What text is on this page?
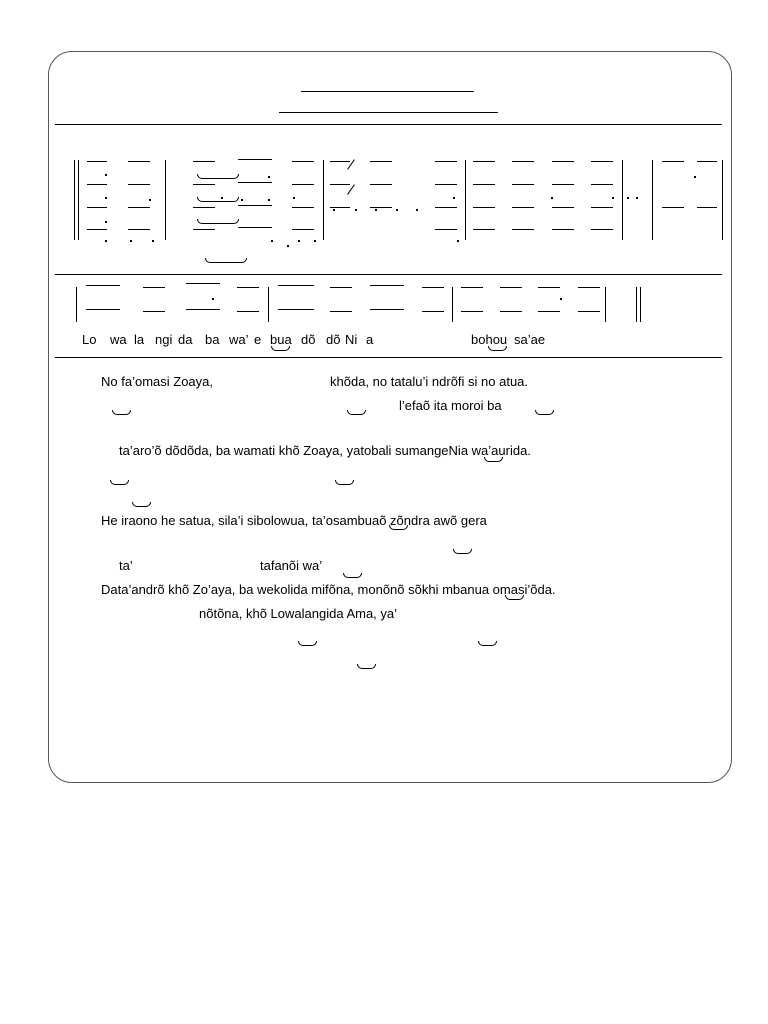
Lo wa la ngi da ba wa’ e bua dõ dõ Ni a	bohou sa’ae
No fa’omasi Zoaya,	khõda, no tatalu’i ndrõfi si no atua.
l’efaõ ita moroi ba
ta’aro’õ dõdõda, ba wamati khõ Zoaya, yatobali sumangeNia wa’aurida.
He iraono he satua, sila’i sibolowua, ta’osambuaõ zõndra awõ gera
ta’	tafanõi wa’
Data’andrõ khõ Zo’aya, ba wekolida mifõna, monõnõ sõkhi mbanua omasi’õda.
nõtõna, khõ Lowalangida Ama, ya’
